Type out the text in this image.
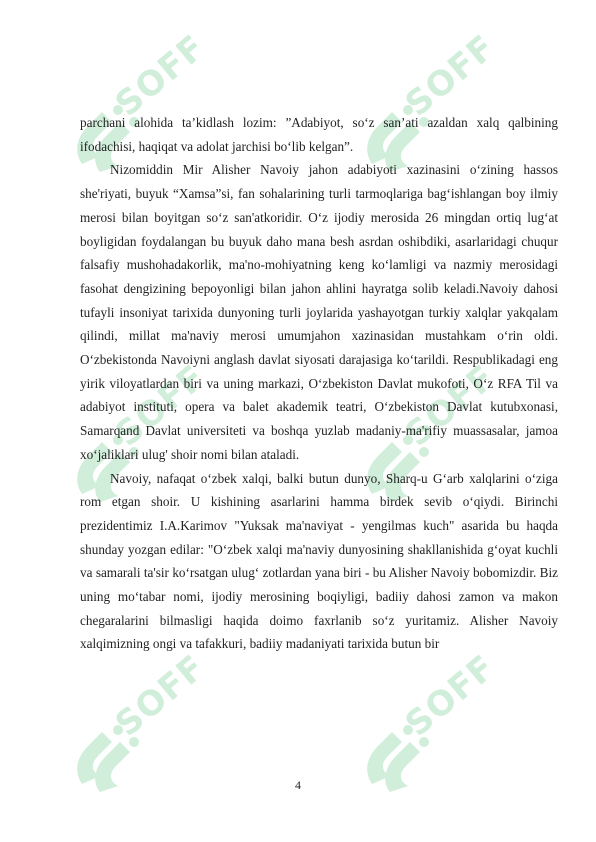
SOFF	SOFF
SOFF	SOFF
SOFF	SOFF

parchani alohida ta’kidlash lozim: ”Adabiyot, so‘z san’ati azaldan xalq qalbining ifodachisi, haqiqat va adolat jarchisi bo‘lib kelgan”.

Nizomiddin Mir Alisher Navoiy jahon adabiyoti xazinasini o‘zining hassos she'riyati, buyuk “Xamsa”si, fan sohalarining turli tarmoqlariga bag‘ishlangan boy ilmiy merosi bilan boyitgan so‘z san'atkoridir. O‘z ijodiy merosida 26 mingdan ortiq lug‘at boyligidan foydalangan bu buyuk daho mana besh asrdan oshibdiki, asarlaridagi chuqur falsafiy mushohadakorlik, ma'no-mohiyatning keng ko‘lamligi va nazmiy merosidagi fasohat dengizining bepoyonligi bilan jahon ahlini hayratga solib keladi.Navoiy dahosi tufayli insoniyat tarixida dunyoning turli joylarida yashayotgan turkiy xalqlar yakqalam qilindi, millat ma'naviy merosi umumjahon xazinasidan mustahkam o‘rin oldi. O‘zbekistonda Navoiyni anglash davlat siyosati darajasiga ko‘tarildi. Respublikadagi eng yirik viloyatlardan biri va uning markazi, O‘zbekiston Davlat mukofoti, O‘z RFA Til va adabiyot instituti, opera va balet akademik teatri, O‘zbekiston Davlat kutubxonasi, Samarqand Davlat universiteti va boshqa yuzlab madaniy-ma'rifiy muassasalar, jamoa xo‘jaliklari ulug' shoir nomi bilan ataladi.

Navoiy, nafaqat o‘zbek xalqi, balki butun dunyo, Sharq-u G‘arb xalqlarini o‘ziga rom etgan shoir. U kishining asarlarini hamma birdek sevib o‘qiydi. Birinchi prezidentimiz I.A.Karimov "Yuksak ma'naviyat - yengilmas kuch" asarida bu haqda shunday yozgan edilar: "O‘zbek xalqi ma'naviy dunyosining shakllanishida g‘oyat kuchli va samarali ta'sir ko‘rsatgan ulug‘ zotlardan yana biri - bu Alisher Navoiy bobomizdir. Biz uning mo‘tabar nomi, ijodiy merosining boqiyligi, badiiy dahosi zamon va makon chegaralarini bilmasligi haqida doimo faxrlanib so‘z yuritamiz. Alisher Navoiy xalqimizning ongi va tafakkuri, badiiy madaniyati tarixida butun bir

4
